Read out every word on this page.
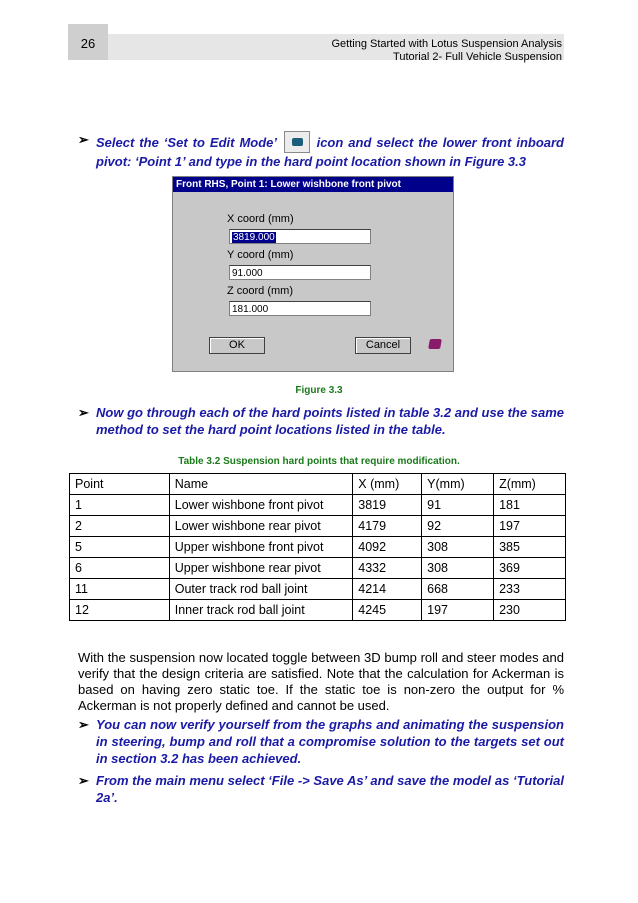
26	Getting Started with Lotus Suspension Analysis
Tutorial 2- Full Vehicle Suspension
➢ Select the ‘Set to Edit Mode’	icon and select the lower front inboard pivot: ‘Point 1’ and type in the hard point location shown in Figure 3.3
Front RHS, Point 1: Lower wishbone front pivot
X coord (mm)
3819.000
Y coord (mm)
91.000
Z coord (mm)
181.000
OK	Cancel
Figure 3.3
➢ Now go through each of the hard points listed in table 3.2 and use the same method to set the hard point locations listed in the table.
Table 3.2 Suspension hard points that require modification.
Point	Name	X (mm)	Y(mm)	Z(mm)
1	Lower wishbone front pivot	3819	91	181
2	Lower wishbone rear pivot	4179	92	197
5	Upper wishbone front pivot	4092	308	385
6	Upper wishbone rear pivot	4332	308	369
11	Outer track rod ball joint	4214	668	233
12	Inner track rod ball joint	4245	197	230
With the suspension now located toggle between 3D bump roll and steer modes and verify that the design criteria are satisfied. Note that the calculation for Ackerman is based on having zero static toe. If the static toe is non-zero the output for % Ackerman is not properly defined and cannot be used.
➢ You can now verify yourself from the graphs and animating the suspension in steering, bump and roll that a compromise solution to the targets set out in section 3.2 has been achieved.
➢ From the main menu select ‘File -> Save As’ and save the model as ‘Tutorial 2a’.
